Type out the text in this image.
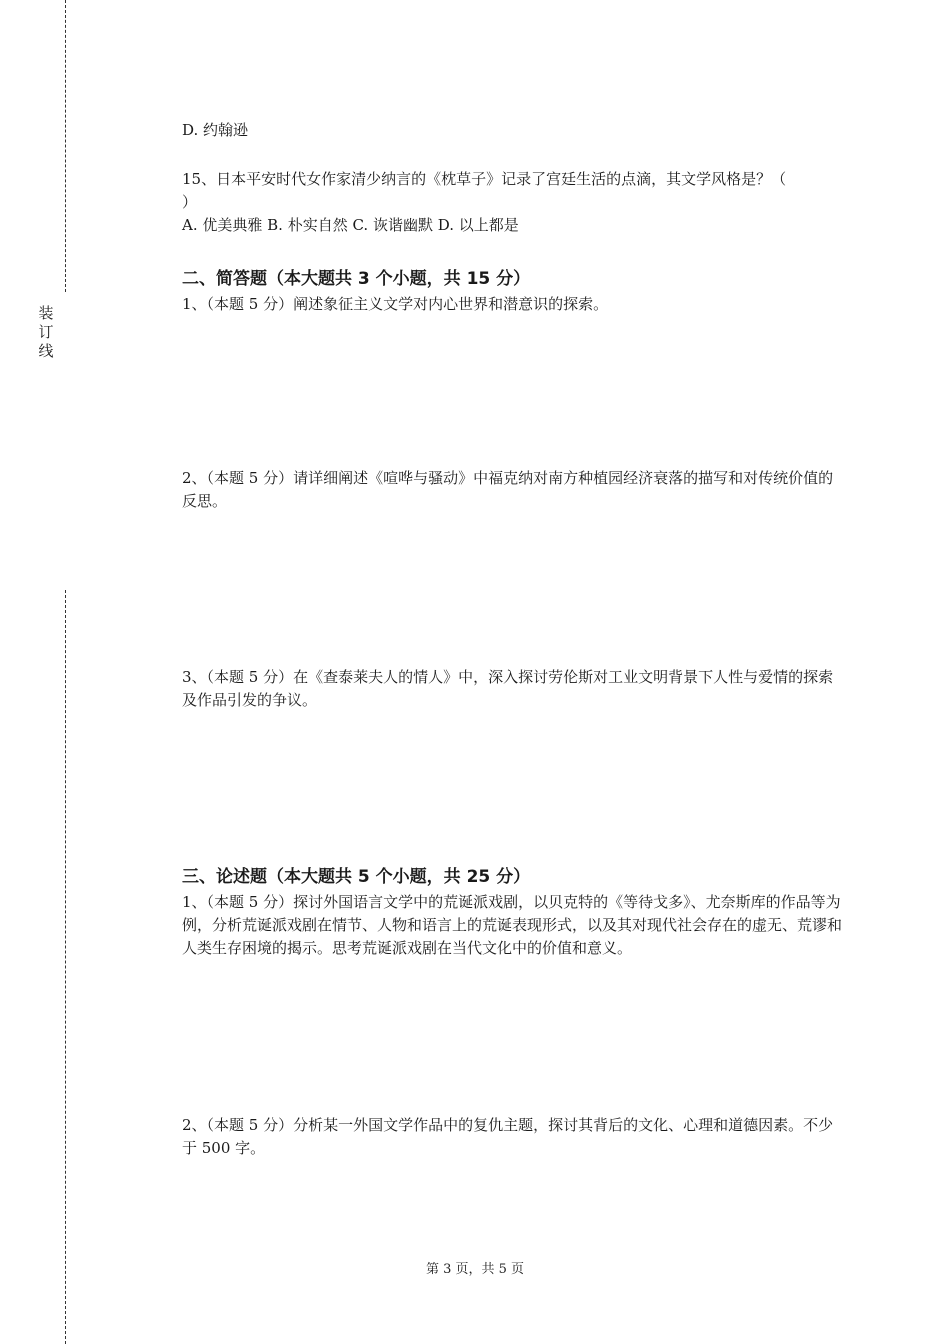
装
订
线
D. 约翰逊
15、日本平安时代女作家清少纳言的《枕草子》记录了宫廷生活的点滴，其文学风格是？（
）
A. 优美典雅 B. 朴实自然 C. 诙谐幽默 D. 以上都是
二、简答题（本大题共 3 个小题，共 15 分）
1、（本题 5 分）阐述象征主义文学对内心世界和潜意识的探索。
2、（本题 5 分）请详细阐述《喧哗与骚动》中福克纳对南方种植园经济衰落的描写和对传统价值的反思。
3、（本题 5 分）在《查泰莱夫人的情人》中，深入探讨劳伦斯对工业文明背景下人性与爱情的探索及作品引发的争议。
三、论述题（本大题共 5 个小题，共 25 分）
1、（本题 5 分）探讨外国语言文学中的荒诞派戏剧，以贝克特的《等待戈多》、尤奈斯库的作品等为例，分析荒诞派戏剧在情节、人物和语言上的荒诞表现形式，以及其对现代社会存在的虚无、荒谬和人类生存困境的揭示。思考荒诞派戏剧在当代文化中的价值和意义。
2、（本题 5 分）分析某一外国文学作品中的复仇主题，探讨其背后的文化、心理和道德因素。不少于 500 字。
第 3 页，共 5 页
